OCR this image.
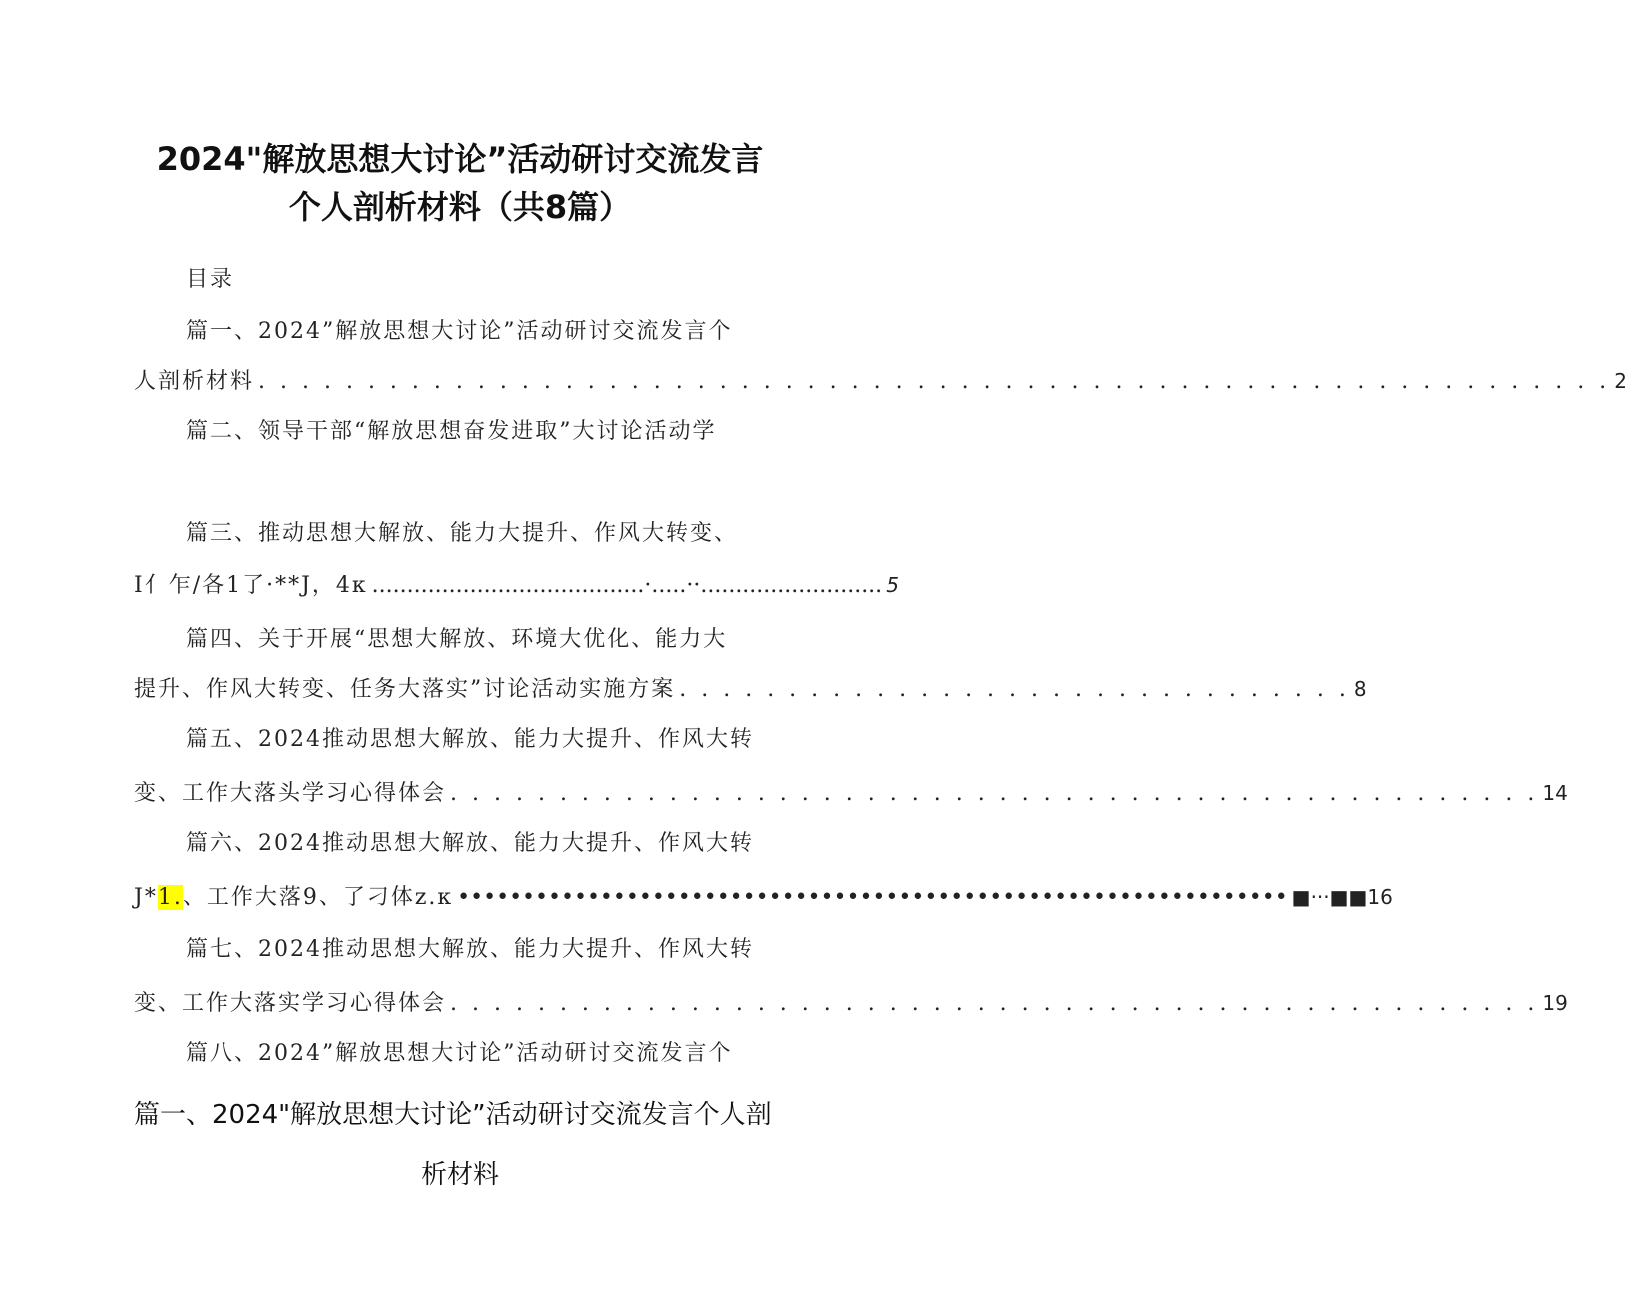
2024"解放思想大讨论”活动研讨交流发言
个人剖析材料（共8篇）
目录
篇一、2024”解放思想大讨论”活动研讨交流发言个
人剖析材料 . . . . . . . . . . . . . . . . . . . . . . . . . . . . . . . . . . . . . . . . . . . . . . . . . . . . . . . . . . . . . . 2
篇二、领导干部“解放思想奋发进取”大讨论活动学
篇三、推动思想大解放、能力大提升、作风大转变、
I亻乍/各1了·**J，4к .......................................·.....··.......................... 5
篇四、关于开展“思想大解放、环境大优化、能力大
提升、作风大转变、任务大落实”讨论活动实施方案 . . . . . . . . . . . . . . . . . . . . . . . . . . . . . . . 8
篇五、2024推动思想大解放、能力大提升、作风大转
变、工作大落头学习心得体会 . . . . . . . . . . . . . . . . . . . . . . . . . . . . . . . . . . . . . . . . . . . . . . . . . . 14
篇六、2024推动思想大解放、能力大提升、作风大转
J*1.、工作大落9、了刁体z.к •••••••••••••••••••••••••••••••••••••••••••••••••••••••••••••••• ■···■■16
篇七、2024推动思想大解放、能力大提升、作风大转
变、工作大落实学习心得体会 . . . . . . . . . . . . . . . . . . . . . . . . . . . . . . . . . . . . . . . . . . . . . . . . . . 19
篇八、2024”解放思想大讨论”活动研讨交流发言个
篇一、2024"解放思想大讨论”活动研讨交流发言个人剖
析材料
